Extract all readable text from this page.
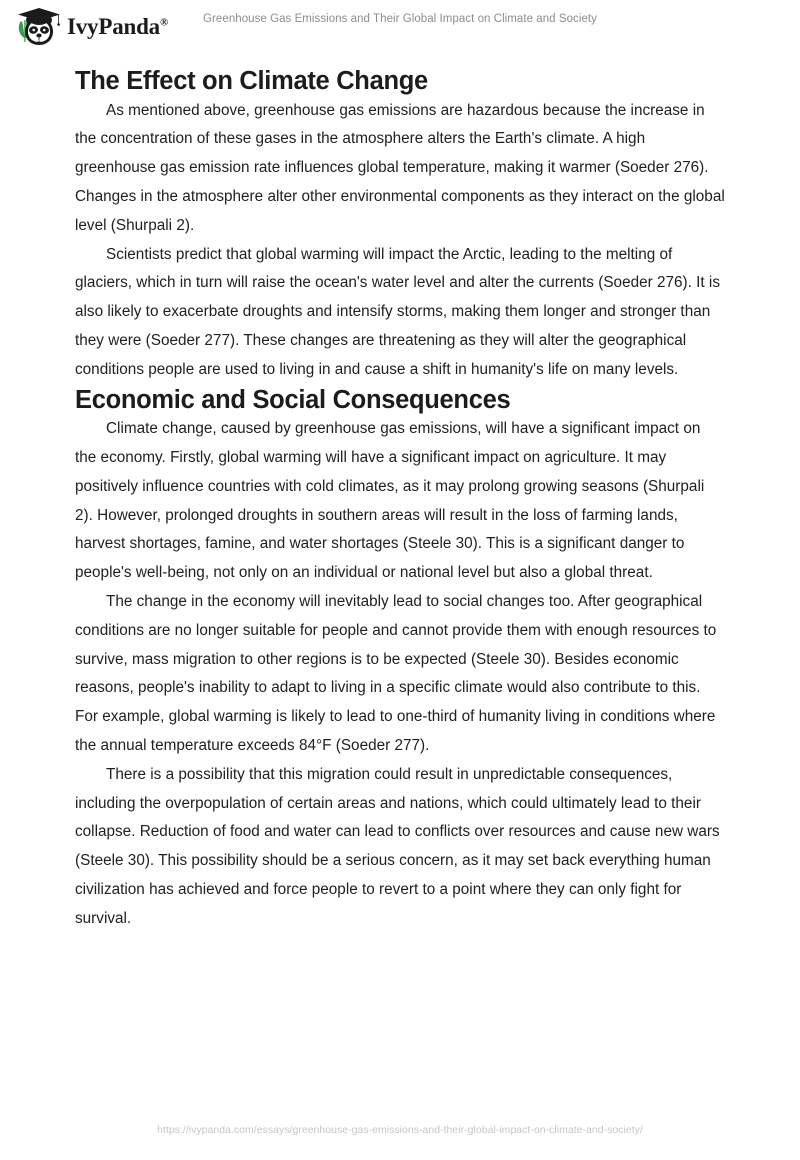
IvyPanda®	Greenhouse Gas Emissions and Their Global Impact on Climate and Society
The Effect on Climate Change

As mentioned above, greenhouse gas emissions are hazardous because the increase in the concentration of these gases in the atmosphere alters the Earth's climate. A high greenhouse gas emission rate influences global temperature, making it warmer (Soeder 276). Changes in the atmosphere alter other environmental components as they interact on the global level (Shurpali 2).

Scientists predict that global warming will impact the Arctic, leading to the melting of glaciers, which in turn will raise the ocean's water level and alter the currents (Soeder 276). It is also likely to exacerbate droughts and intensify storms, making them longer and stronger than they were (Soeder 277). These changes are threatening as they will alter the geographical conditions people are used to living in and cause a shift in humanity's life on many levels.

Economic and Social Consequences

Climate change, caused by greenhouse gas emissions, will have a significant impact on the economy. Firstly, global warming will have a significant impact on agriculture. It may positively influence countries with cold climates, as it may prolong growing seasons (Shurpali 2). However, prolonged droughts in southern areas will result in the loss of farming lands, harvest shortages, famine, and water shortages (Steele 30). This is a significant danger to people's well-being, not only on an individual or national level but also a global threat.

The change in the economy will inevitably lead to social changes too. After geographical conditions are no longer suitable for people and cannot provide them with enough resources to survive, mass migration to other regions is to be expected (Steele 30). Besides economic reasons, people's inability to adapt to living in a specific climate would also contribute to this. For example, global warming is likely to lead to one-third of humanity living in conditions where the annual temperature exceeds 84°F (Soeder 277).

There is a possibility that this migration could result in unpredictable consequences, including the overpopulation of certain areas and nations, which could ultimately lead to their collapse. Reduction of food and water can lead to conflicts over resources and cause new wars (Steele 30). This possibility should be a serious concern, as it may set back everything human civilization has achieved and force people to revert to a point where they can only fight for survival.

https://ivypanda.com/essays/greenhouse-gas-emissions-and-their-global-impact-on-climate-and-society/
